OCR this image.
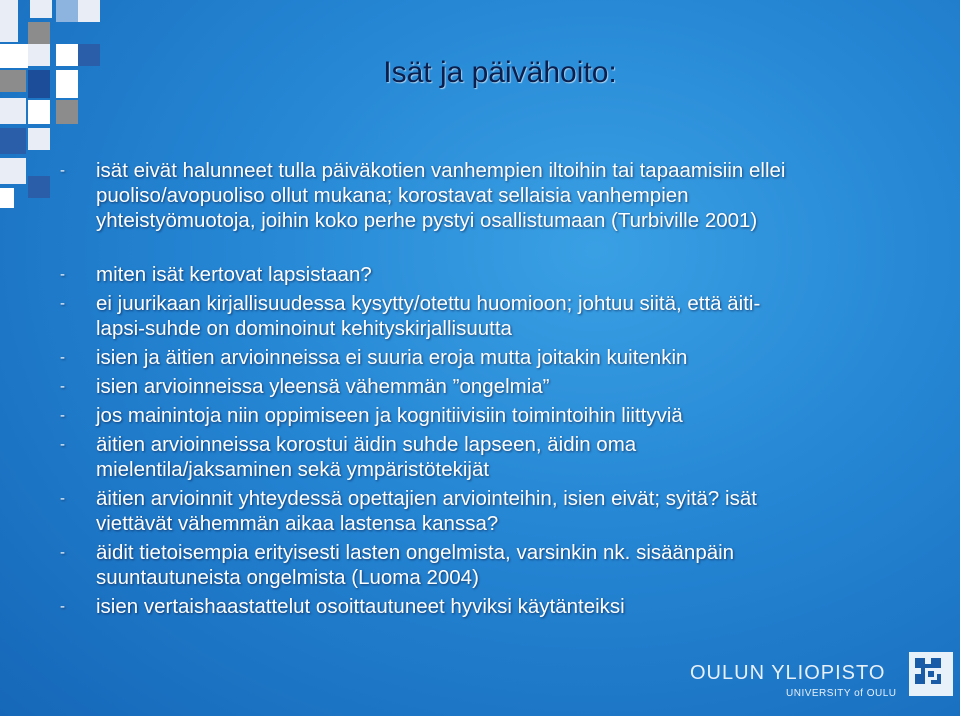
Isät ja päivähoito:
- isät eivät halunneet tulla päiväkotien vanhempien iltoihin tai tapaamisiin ellei
puoliso/avopuoliso ollut mukana; korostavat sellaisia vanhempien
yhteistyömuotoja, joihin koko perhe pystyi osallistumaan (Turbiville 2001)
- miten isät kertovat lapsistaan?
- ei juurikaan kirjallisuudessa kysytty/otettu huomioon; johtuu siitä, että äiti-
lapsi-suhde on dominoinut kehityskirjallisuutta
- isien ja äitien arvioinneissa ei suuria eroja mutta joitakin kuitenkin
- isien arvioinneissa yleensä vähemmän ”ongelmia”
- jos mainintoja niin oppimiseen ja kognitiivisiin toimintoihin liittyviä
- äitien arvioinneissa korostui äidin suhde lapseen, äidin oma
mielentila/jaksaminen sekä ympäristötekijät
- äitien arvioinnit yhteydessä opettajien arviointeihin, isien eivät; syitä? isät
viettävät vähemmän aikaa lastensa kanssa?
- äidit tietoisempia erityisesti lasten ongelmista, varsinkin nk. sisäänpäin
suuntautuneista ongelmista (Luoma 2004)
- isien vertaishaastattelut osoittautuneet hyviksi käytänteiksi
OULUN YLIOPISTO
UNIVERSITY of OULU
